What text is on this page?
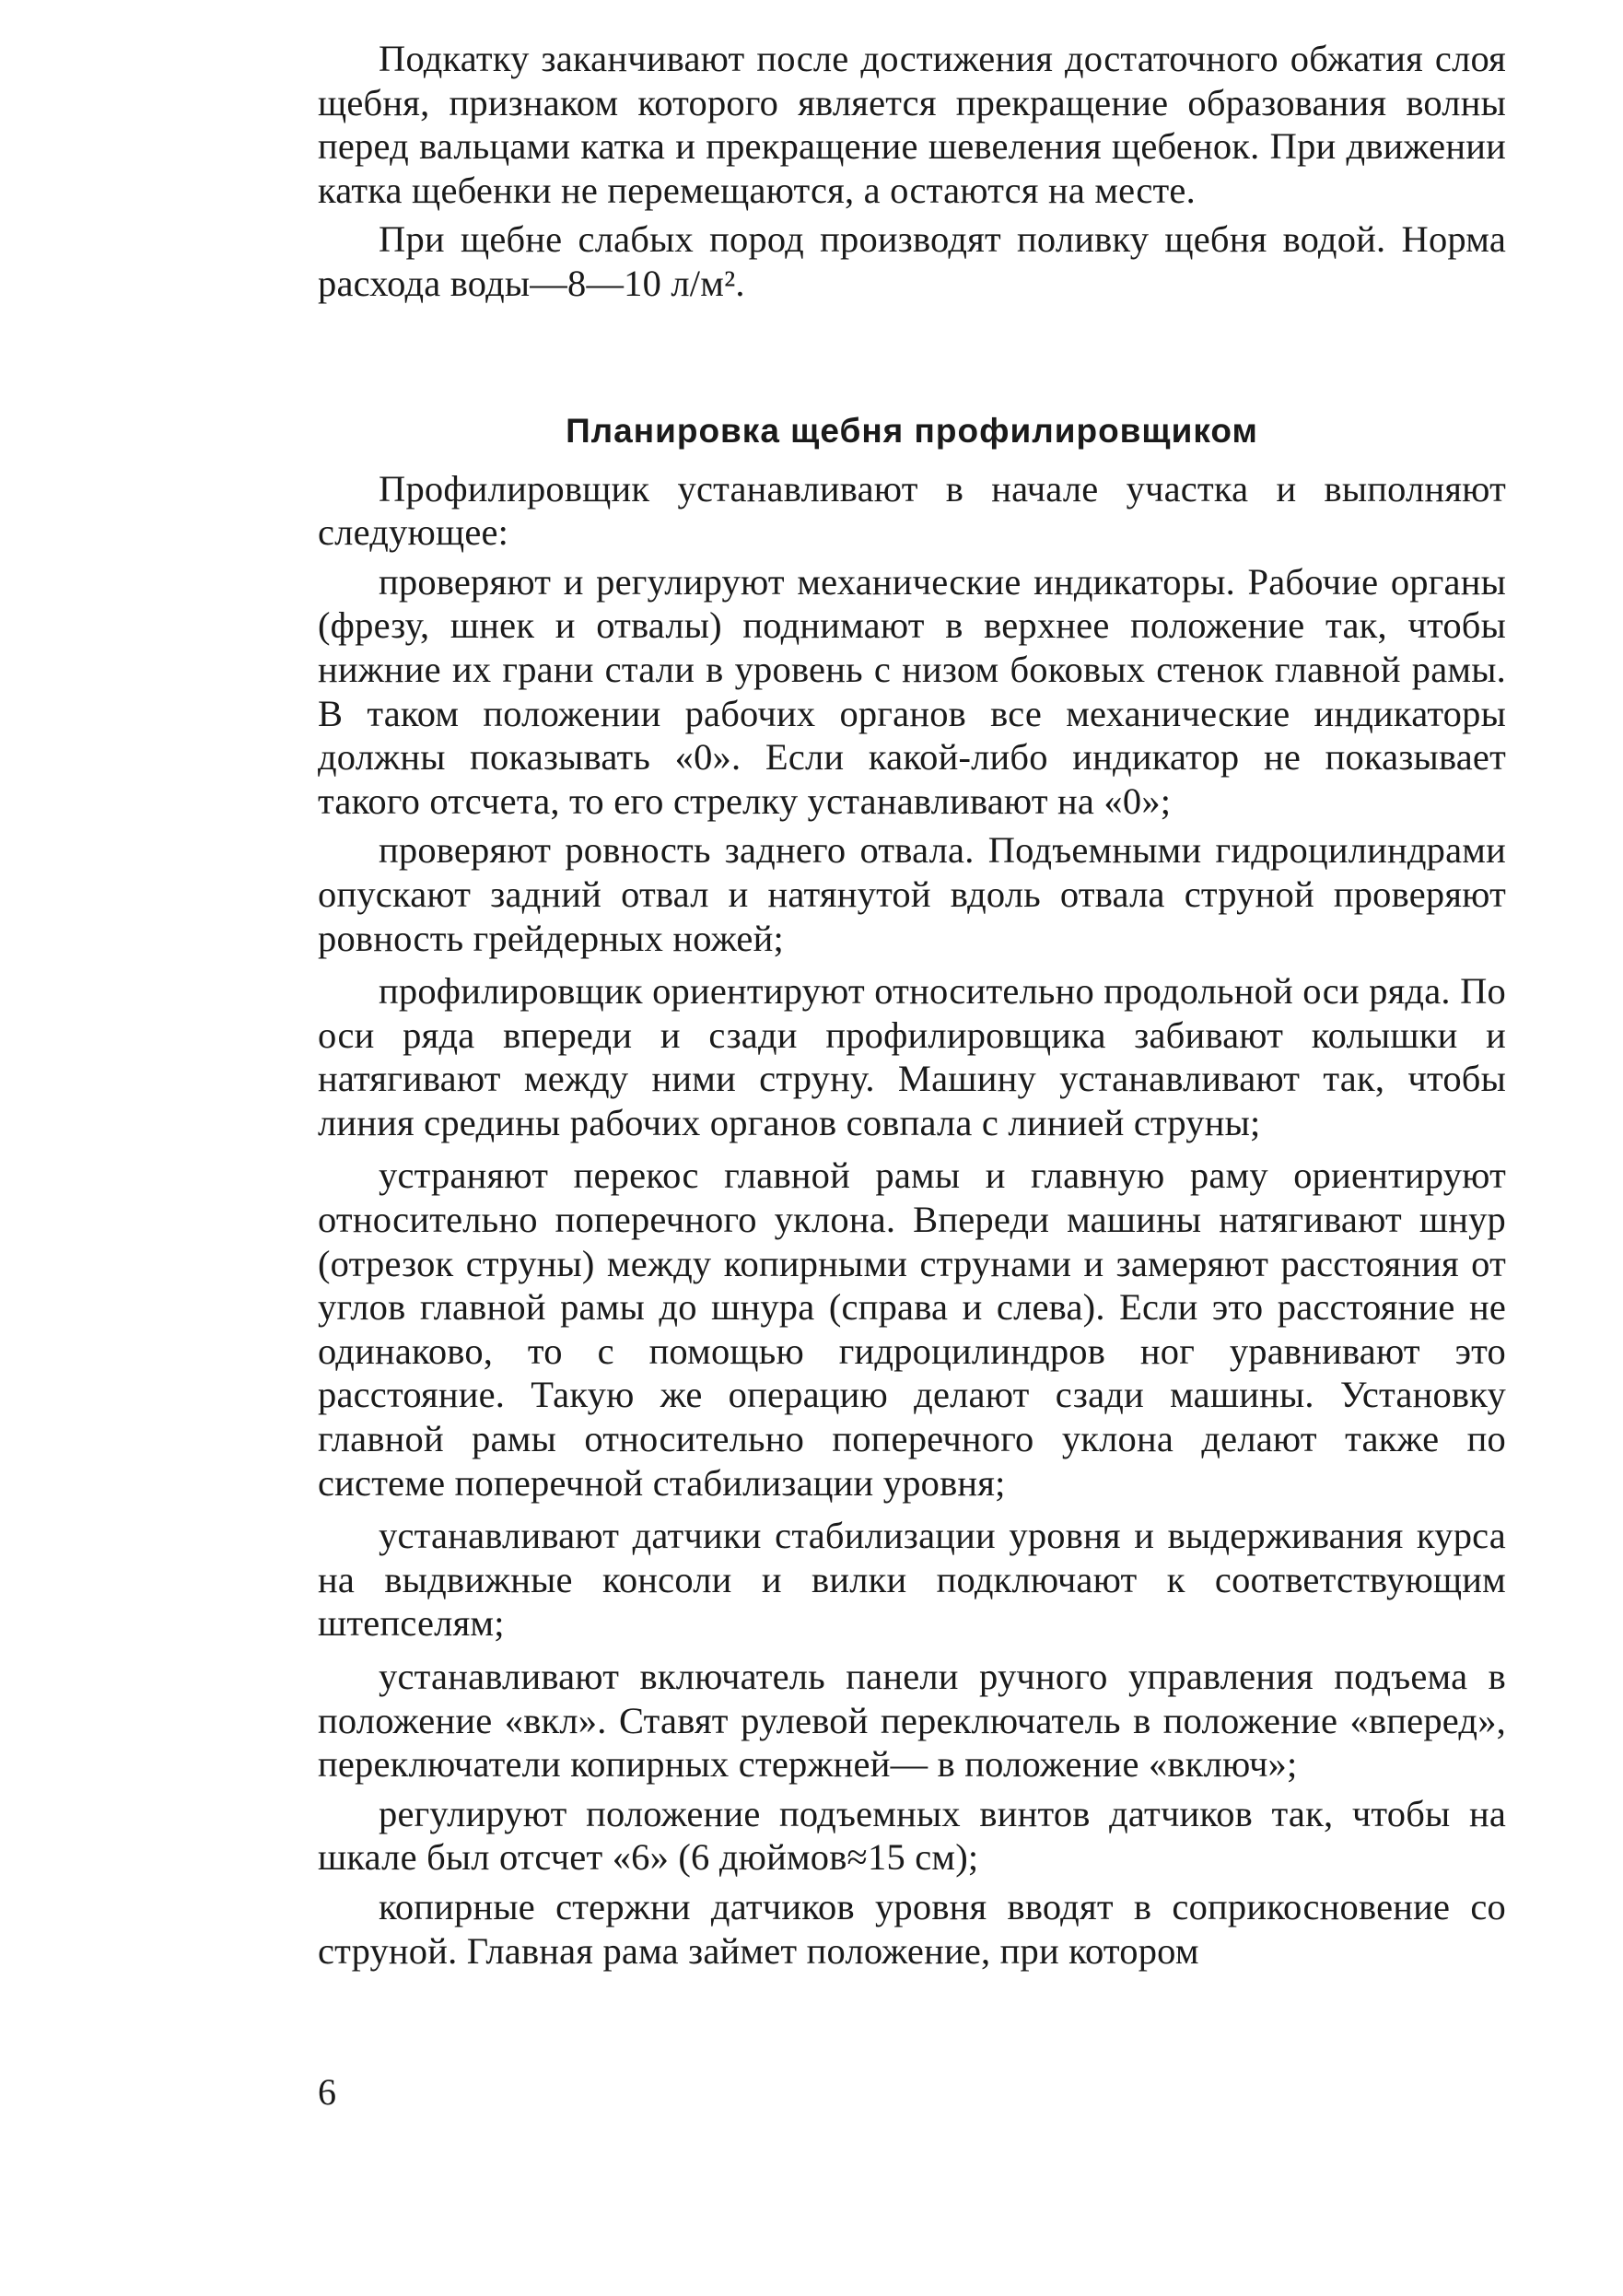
Подкатку заканчивают после достижения достаточного обжатия слоя щебня, признаком которого является прекращение образования волны перед вальцами катка и прекращение шевеления щебенок. При движении катка щебенки не перемещаются, а остаются на месте.

При щебне слабых пород производят поливку щебня водой. Норма расхода воды—8—10 л/м².

Планировка щебня профилировщиком

Профилировщик устанавливают в начале участка и выполняют следующее:

проверяют и регулируют механические индикаторы. Рабочие органы (фрезу, шнек и отвалы) поднимают в верхнее положение так, чтобы нижние их грани стали в уровень с низом боковых стенок главной рамы. В таком положении рабочих органов все механические индикаторы должны показывать «0». Если какой-либо индикатор не показывает такого отсчета, то его стрелку устанавливают на «0»;

проверяют ровность заднего отвала. Подъемными гидроцилиндрами опускают задний отвал и натянутой вдоль отвала струной проверяют ровность грейдерных ножей;

профилировщик ориентируют относительно продольной оси ряда. По оси ряда впереди и сзади профилировщика забивают колышки и натягивают между ними струну. Машину устанавливают так, чтобы линия средины рабочих органов совпала с линией струны;

устраняют перекос главной рамы и главную раму ориентируют относительно поперечного уклона. Впереди машины натягивают шнур (отрезок струны) между копирными струнами и замеряют расстояния от углов главной рамы до шнура (справа и слева). Если это расстояние не одинаково, то с помощью гидроцилиндров ног уравнивают это расстояние. Такую же операцию делают сзади машины. Установку главной рамы относительно поперечного уклона делают также по системе поперечной стабилизации уровня;

устанавливают датчики стабилизации уровня и выдерживания курса на выдвижные консоли и вилки подключают к соответствующим штепселям;

устанавливают включатель панели ручного управления подъема в положение «вкл». Ставят рулевой переключатель в положение «вперед», переключатели копирных стержней— в положение «включ»;

регулируют положение подъемных винтов датчиков так, чтобы на шкале был отсчет «6» (6 дюймов≈15 см);

копирные стержни датчиков уровня вводят в соприкосновение со струной. Главная рама займет положение, при котором

6
